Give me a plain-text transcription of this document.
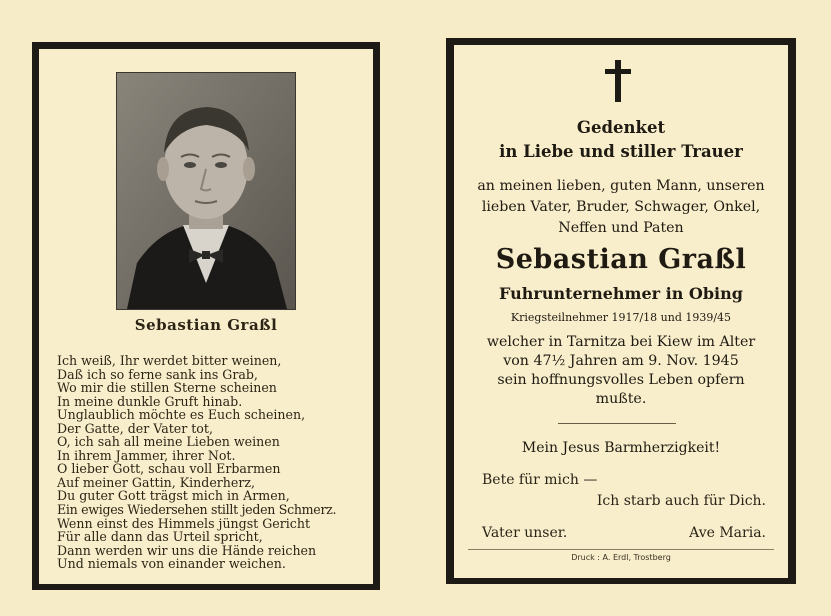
Sebastian Graßl
Ich weiß, Ihr werdet bitter weinen,
Daß ich so ferne sank ins Grab,
Wo mir die stillen Sterne scheinen
In meine dunkle Gruft hinab.
Unglaublich möchte es Euch scheinen,
Der Gatte, der Vater tot,
O, ich sah all meine Lieben weinen
In ihrem Jammer, ihrer Not.
O lieber Gott, schau voll Erbarmen
Auf meiner Gattin, Kinderherz,
Du guter Gott trägst mich in Armen,
Ein ewiges Wiedersehen stillt jeden Schmerz.
Wenn einst des Himmels jüngst Gericht
Für alle dann das Urteil spricht,
Dann werden wir uns die Hände reichen
Und niemals von einander weichen.
Gedenket
in Liebe und stiller Trauer
an meinen lieben, guten Mann, unseren
lieben Vater, Bruder, Schwager, Onkel,
Neffen und Paten
Sebastian Graßl
Fuhrunternehmer in Obing
Kriegsteilnehmer 1917/18 und 1939/45
welcher in Tarnitza bei Kiew im Alter
von 47½ Jahren am 9. Nov. 1945
sein hoffnungsvolles Leben opfern
mußte.
Mein Jesus Barmherzigkeit!
Bete für mich —
Ich starb auch für Dich.
Vater unser.	Ave Maria.
Druck : A. Erdl, Trostberg
